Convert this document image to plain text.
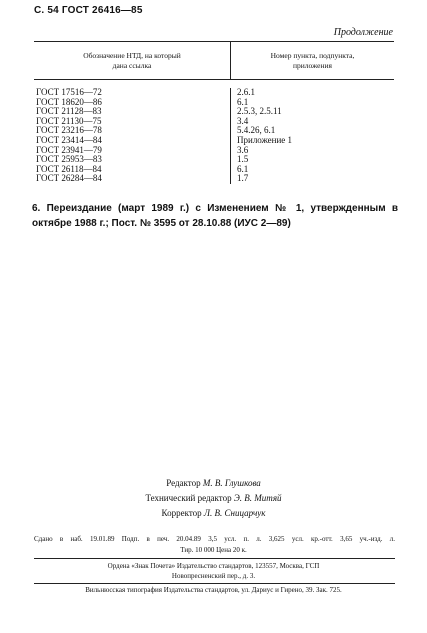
С. 54 ГОСТ 26416—85
Продолжение
Обозначение НТД, на который
дана ссылка
Номер пункта, подпункта,
приложения
ГОСТ 17516—72
ГОСТ 18620—86
ГОСТ 21128—83
ГОСТ 21130—75
ГОСТ 23216—78
ГОСТ 23414—84
ГОСТ 23941—79
ГОСТ 25953—83
ГОСТ 26118—84
ГОСТ 26284—84
2.6.1
6.1
2.5.3, 2.5.11
3.4
5.4.26, 6.1
Приложение 1
3.6
1.5
6.1
1.7
6. Переиздание (март 1989 г.) с Изменением № 1, утвержденным в октябре 1988 г.; Пост. № 3595 от 28.10.88 (ИУС 2—89)
Редактор М. В. Глушкова
Технический редактор Э. В. Митяй
Корректор Л. В. Сницарчук
Сдано в наб. 19.01.89 Подп. в печ. 20.04.89 3,5 усл. п. л. 3,625 усл. кр.-отт. 3,65 уч.-изд. л.
Тир. 10 000 Цена 20 к.
Ордена «Знак Почета» Издательство стандартов, 123557, Москва, ГСП
Новопресненский пер., д. 3.
Вильнюсская типография Издательства стандартов, ул. Дариус и Гирено, 39. Зак. 725.
